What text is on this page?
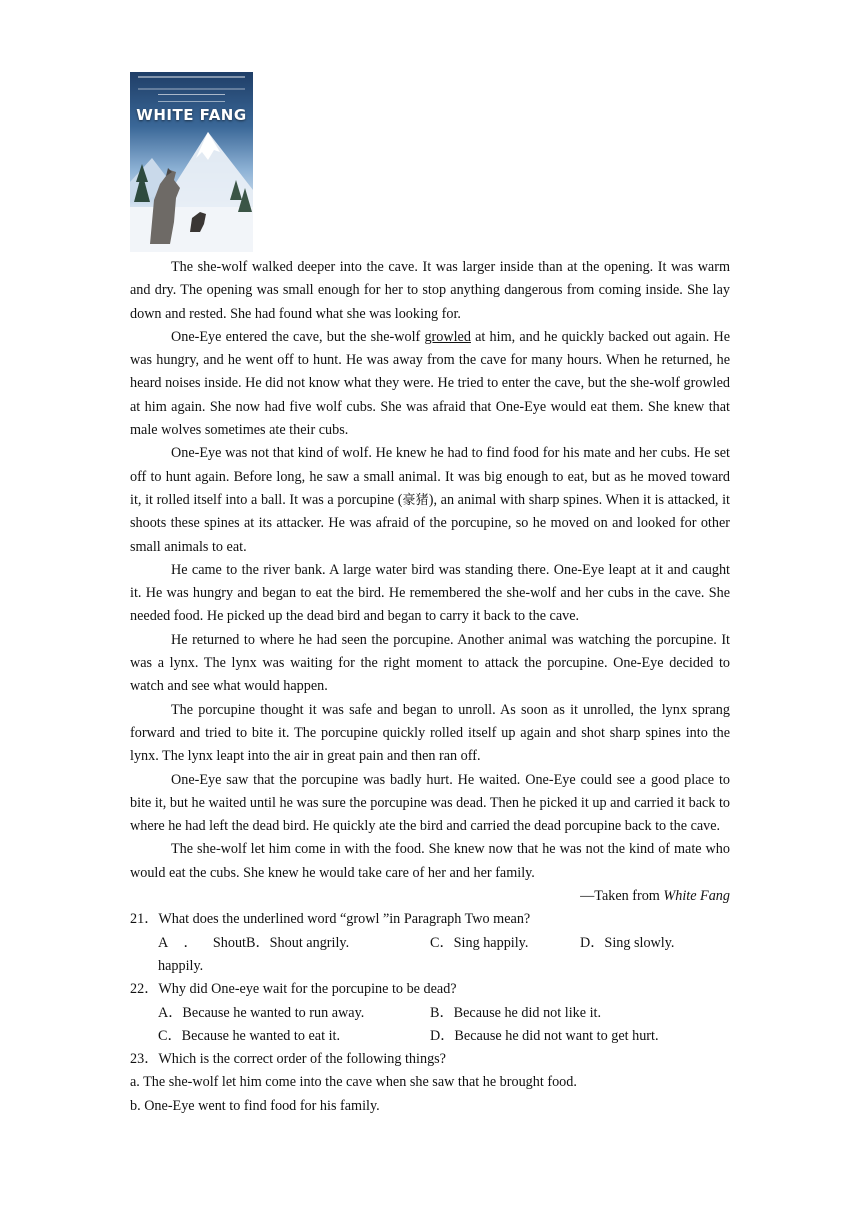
WHITE FANG

The she-wolf walked deeper into the cave. It was larger inside than at the opening. It was warm and dry. The opening was small enough for her to stop anything dangerous from coming inside. She lay down and rested. She had found what she was looking for.

One-Eye entered the cave, but the she-wolf growled at him, and he quickly backed out again. He was hungry, and he went off to hunt. He was away from the cave for many hours. When he returned, he heard noises inside. He did not know what they were. He tried to enter the cave, but the she-wolf growled at him again. She now had five wolf cubs. She was afraid that One-Eye would eat them. She knew that male wolves sometimes ate their cubs.

One-Eye was not that kind of wolf. He knew he had to find food for his mate and her cubs. He set off to hunt again. Before long, he saw a small animal. It was big enough to eat, but as he moved toward it, it rolled itself into a ball. It was a porcupine (豪猪), an animal with sharp spines. When it is attacked, it shoots these spines at its attacker. He was afraid of the porcupine, so he moved on and looked for other small animals to eat.

He came to the river bank. A large water bird was standing there. One-Eye leapt at it and caught it. He was hungry and began to eat the bird. He remembered the she-wolf and her cubs in the cave. She needed food. He picked up the dead bird and began to carry it back to the cave.

He returned to where he had seen the porcupine. Another animal was watching the porcupine. It was a lynx. The lynx was waiting for the right moment to attack the porcupine. One-Eye decided to watch and see what would happen.

The porcupine thought it was safe and began to unroll. As soon as it unrolled, the lynx sprang forward and tried to bite it. The porcupine quickly rolled itself up again and shot sharp spines into the lynx. The lynx leapt into the air in great pain and then ran off.

One-Eye saw that the porcupine was badly hurt. He waited. One-Eye could see a good place to bite it, but he waited until he was sure the porcupine was dead. Then he picked it up and carried it back to where he had left the dead bird. He quickly ate the bird and carried the dead porcupine back to the cave.

The she-wolf let him come in with the food. She knew now that he was not the kind of mate who would eat the cubs. She knew he would take care of her and her family.

—Taken from White Fang

21．What does the underlined word “growl ”in Paragraph Two mean?

A．Shout happily.
B．Shout angrily.	C．Sing happily.	D．Sing slowly.

22．Why did One-eye wait for the porcupine to be dead?

A．Because he wanted to run away.	B．Because he did not like it.
C．Because he wanted to eat it.	D．Because he did not want to get hurt.

23．Which is the correct order of the following things?

a. The she-wolf let him come into the cave when she saw that he brought food.

b. One-Eye went to find food for his family.
